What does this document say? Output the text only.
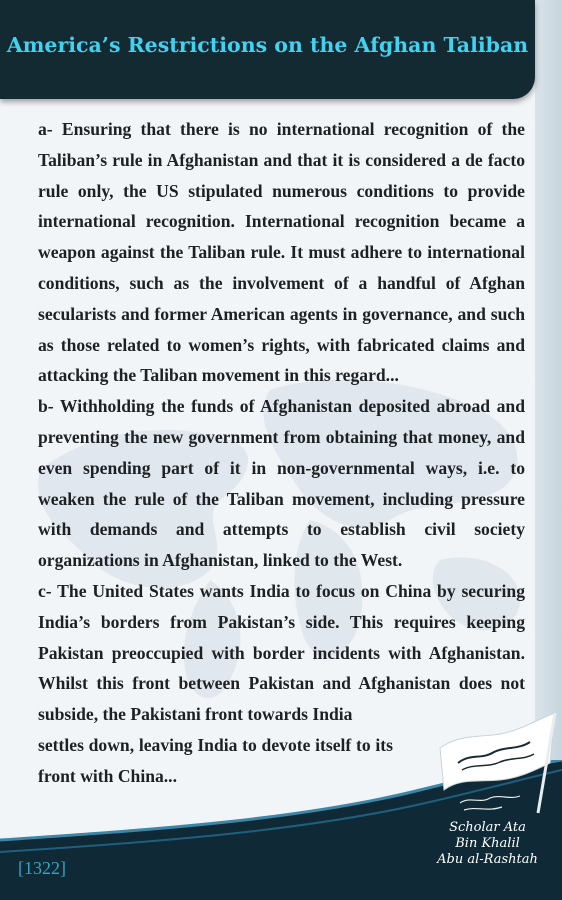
America’s Restrictions on the Afghan Taliban

a- Ensuring that there is no international recognition of the Taliban’s rule in Afghanistan and that it is considered a de facto rule only, the US stipulated numerous conditions to provide international recognition. International recognition became a weapon against the Taliban rule. It must adhere to international conditions, such as the involvement of a handful of Afghan secularists and former American agents in governance, and such as those related to women’s rights, with fabricated claims and attacking the Taliban movement in this regard...

b- Withholding the funds of Afghanistan deposited abroad and preventing the new government from obtaining that money, and even spending part of it in non-governmental ways, i.e. to weaken the rule of the Taliban movement, including pressure with demands and attempts to establish civil society organizations in Afghanistan, linked to the West.

c- The United States wants India to focus on China by securing India’s borders from Pakistan’s side. This requires keeping Pakistan preoccupied with border incidents with Afghanistan. Whilst this front between Pakistan and Afghanistan does not subside, the Pakistani front towards India

settles down, leaving India to devote itself to its front with China...

Scholar Ata
Bin Khalil
Abu al-Rashtah
[1322]
